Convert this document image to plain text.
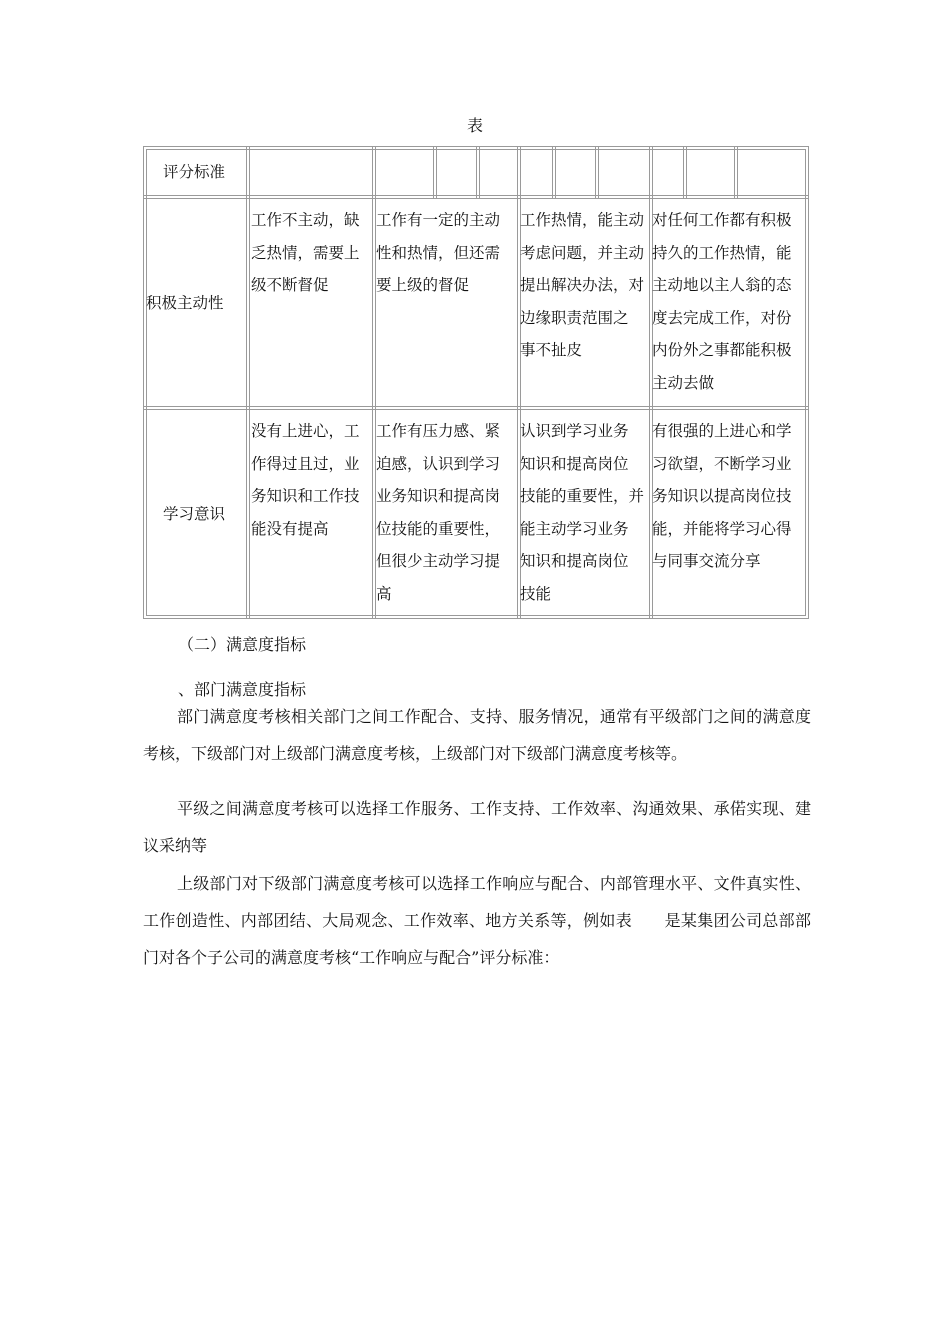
表
评分标准
积极主动性
工作不主动，缺
乏热情，需要上
级不断督促
工作有一定的主动
性和热情，但还需
要上级的督促
工作热情，能主动
考虑问题，并主动
提出解决办法，对
边缘职责范围之
事不扯皮
对任何工作都有积极
持久的工作热情，能
主动地以主人翁的态
度去完成工作，对份
内份外之事都能积极
主动去做
学习意识
没有上进心，工
作得过且过，业
务知识和工作技
能没有提高
工作有压力感、紧
迫感，认识到学习
业务知识和提高岗
位技能的重要性，
但很少主动学习提
高
认识到学习业务
知识和提高岗位
技能的重要性，并
能主动学习业务
知识和提高岗位
技能
有很强的上进心和学
习欲望，不断学习业
务知识以提高岗位技
能，并能将学习心得
与同事交流分享
（二）满意度指标
、部门满意度指标

部门满意度考核相关部门之间工作配合、支持、服务情况，通常有平级部门之间的满意度考核，下级部门对上级部门满意度考核，上级部门对下级部门满意度考核等。

平级之间满意度考核可以选择工作服务、工作支持、工作效率、沟通效果、承偌实现、建议采纳等

上级部门对下级部门满意度考核可以选择工作响应与配合、内部管理水平、文件真实性、工作创造性、内部团结、大局观念、工作效率、地方关系等，例如表　　是某集团公司总部部门对各个子公司的满意度考核“工作响应与配合”评分标准：
